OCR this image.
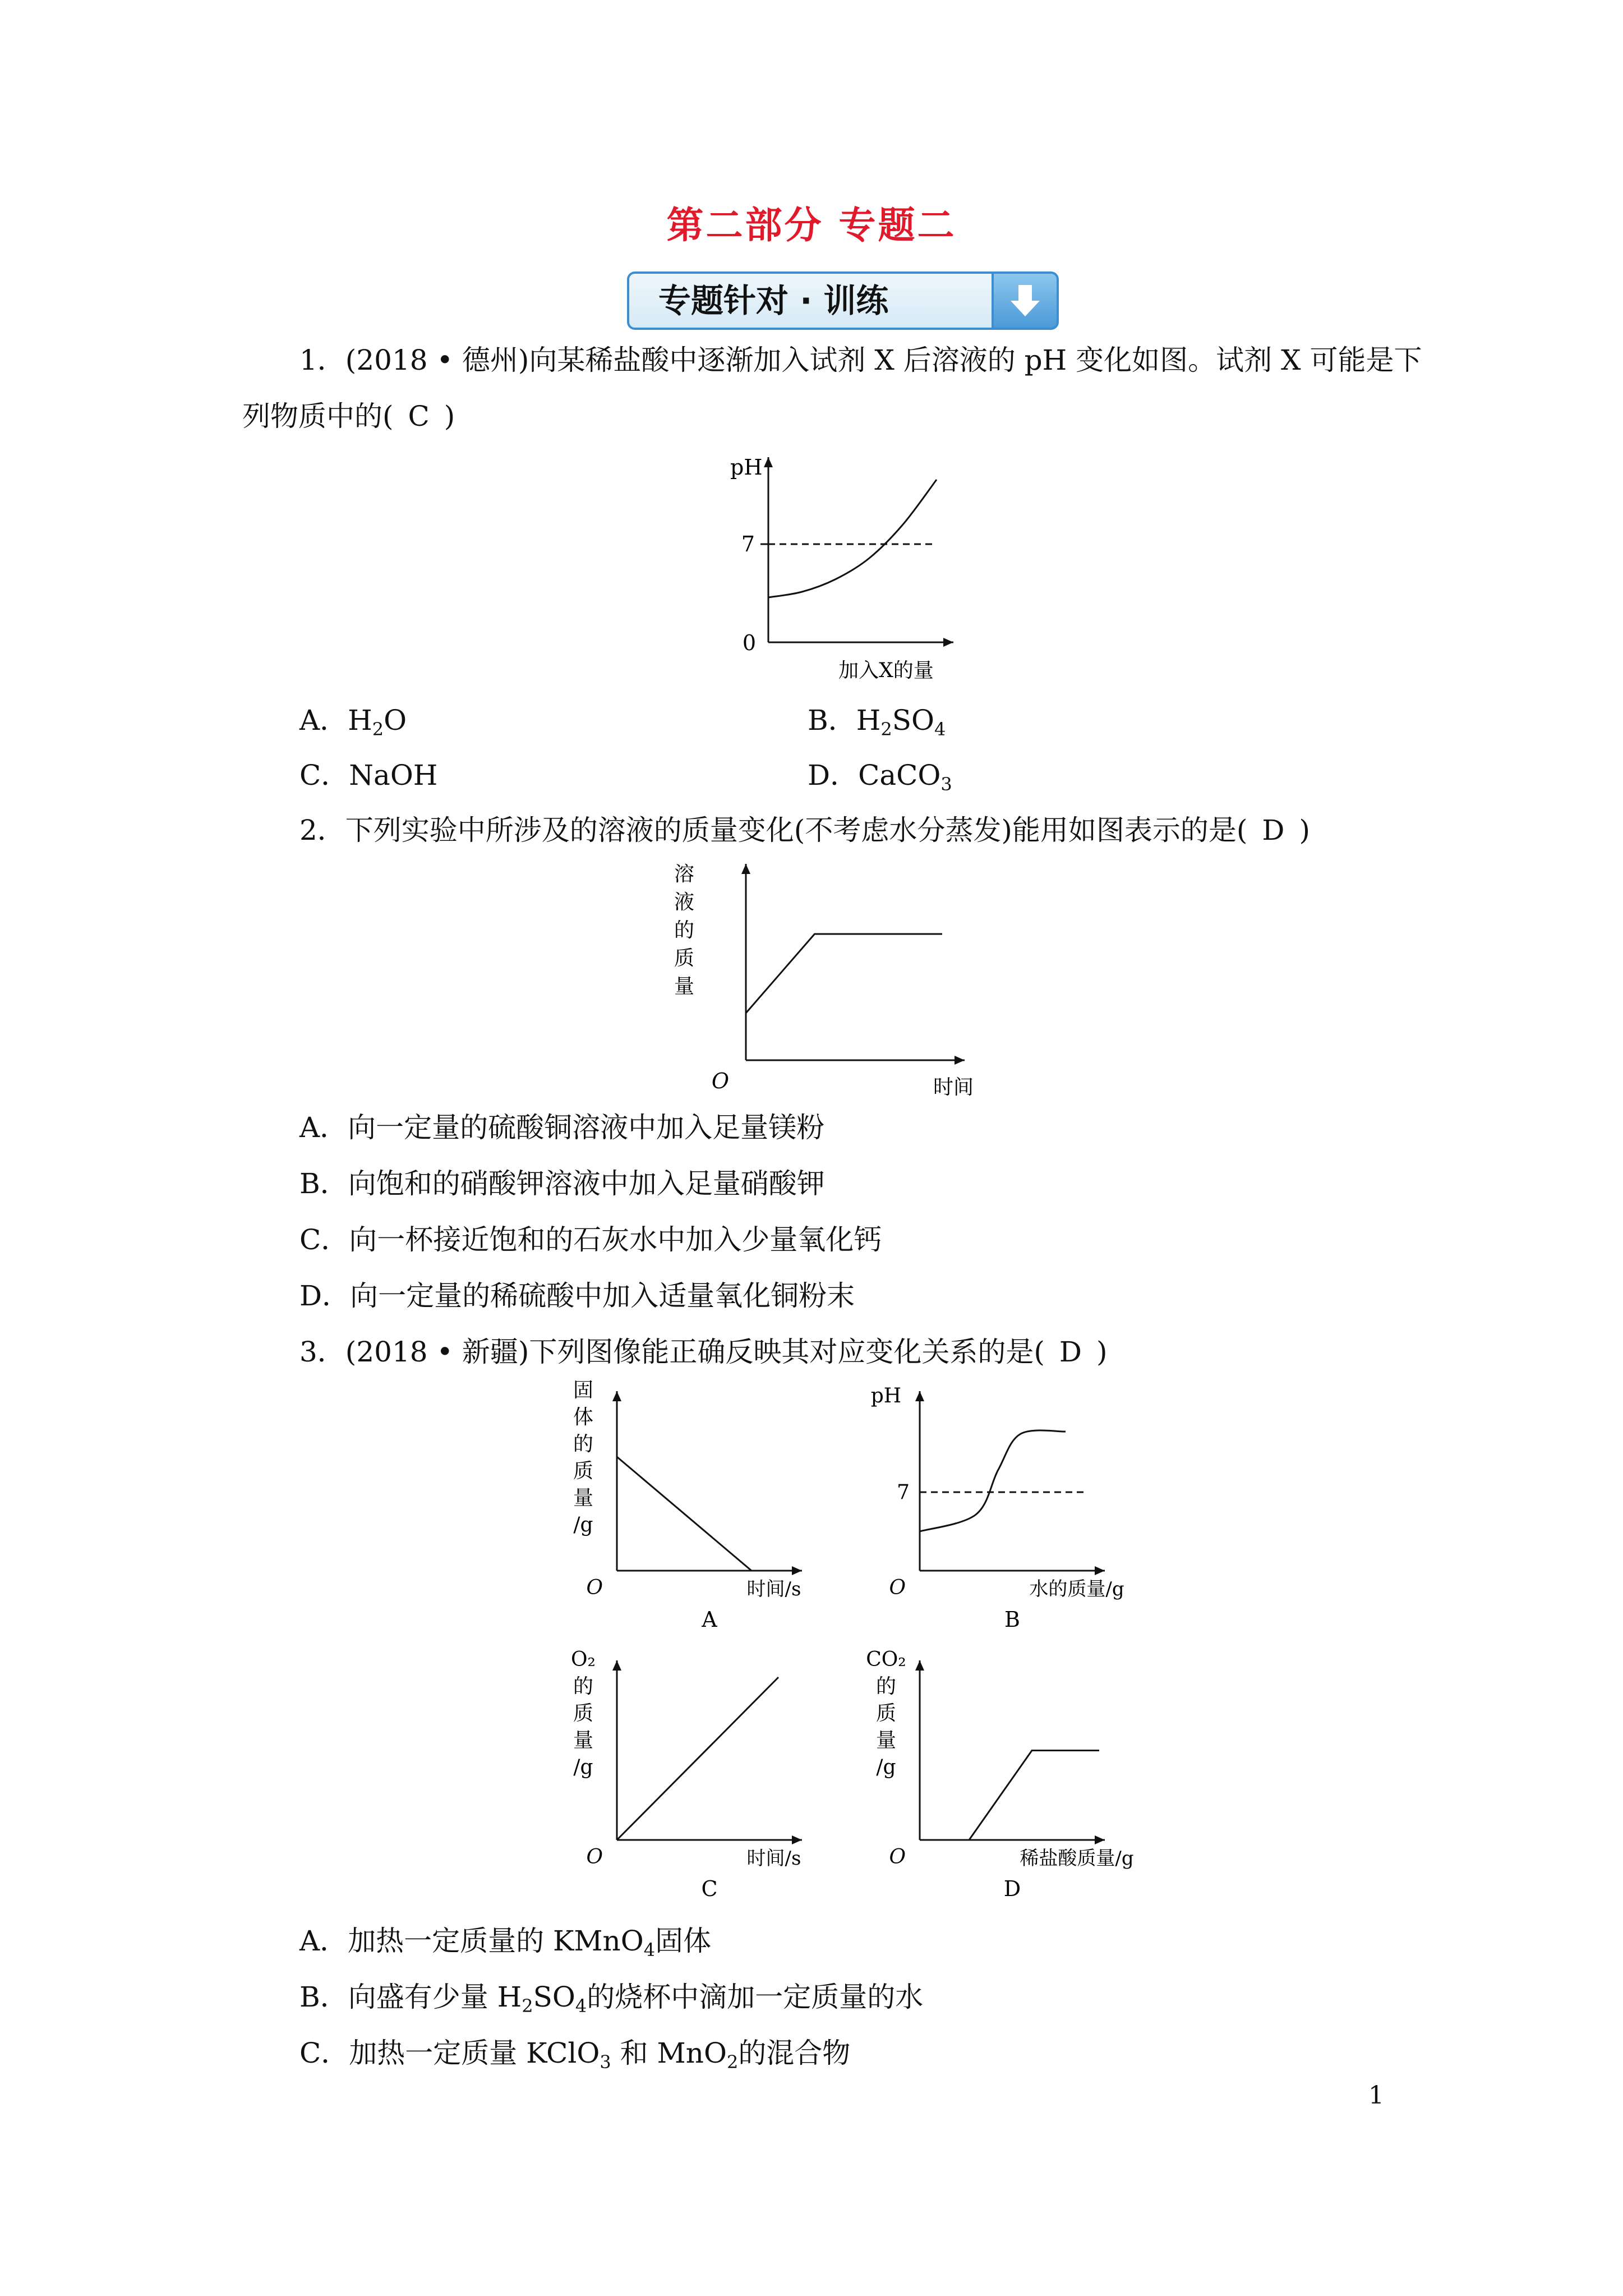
第二部分 专题二
专题针对 · 训练
1．(2018 • 德州)向某稀盐酸中逐渐加入试剂 X 后溶液的 pH 变化如图。试剂 X 可能是下
列物质中的( C )
pH
0
加入X的量
7
A．$H_2O$	B．$H_2SO_4$
C．NaOH	D．CaCO$_3$
2．下列实验中所涉及的溶液的质量变化(不考虑水分蒸发)能用如图表示的是( D )
溶
液
的
质
量
O	时间
A．向一定量的硫酸铜溶液中加入足量镁粉
B．向饱和的硝酸钾溶液中加入足量硝酸钾
C．向一杯接近饱和的石灰水中加入少量氧化钙
D．向一定量的稀硫酸中加入适量氧化铜粉末
3．(2018 • 新疆)下列图像能正确反映其对应变化关系的是( D )
固
体
的
质
量
/g
O	时间/s
A
pH
O	水的质量/g
B
7
O₂
的
质
量
/g
O	时间/s
C
CO₂
的
质
量
/g
O	稀盐酸质量/g
D
A．加热一定质量的 KMnO$_4$固体
B．向盛有少量 $H_2SO_4$的烧杯中滴加一定质量的水
C．加热一定质量 KClO$_3$ 和 MnO$_2$的混合物
1
